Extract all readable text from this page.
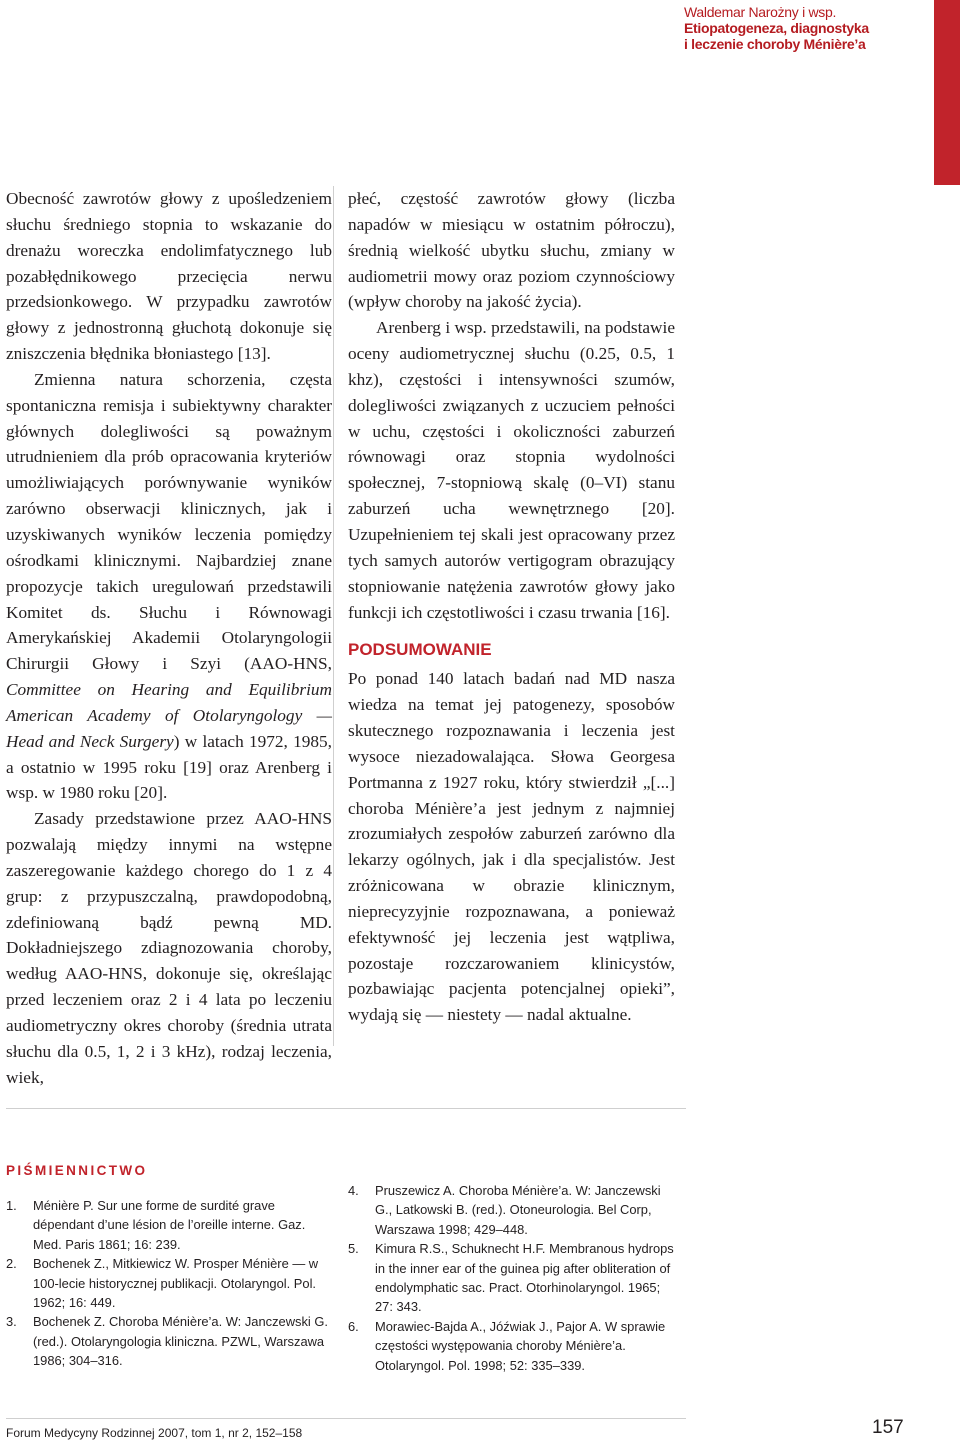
Waldemar Narożny i wsp.
Etiopatogeneza, diagnostyka
i leczenie choroby Ménière’a

Obecność zawrotów głowy z upośledzeniem słuchu średniego stopnia to wskazanie do drenażu woreczka endolimfatycznego lub pozabłędnikowego przecięcia nerwu przedsionkowego. W przypadku zawrotów głowy z jednostronną głuchotą dokonuje się zniszczenia błędnika błoniastego [13].

Zmienna natura schorzenia, częsta spontaniczna remisja i subiektywny charakter głównych dolegliwości są poważnym utrudnieniem dla prób opracowania kryteriów umożliwiających porównywanie wyników zarówno obserwacji klinicznych, jak i uzyskiwanych wyników leczenia pomiędzy ośrodkami klinicznymi. Najbardziej znane propozycje takich uregulowań przedstawili Komitet ds. Słuchu i Równowagi Amerykańskiej Akademii Otolaryngologii Chirurgii Głowy i Szyi (AAO-HNS, Committee on Hearing and Equilibrium American Academy of Otolaryngology — Head and Neck Surgery) w latach 1972, 1985, a ostatnio w 1995 roku [19] oraz Arenberg i wsp. w 1980 roku [20].

Zasady przedstawione przez AAO-HNS pozwalają między innymi na wstępne zaszeregowanie każdego chorego do 1 z 4 grup: z przypuszczalną, prawdopodobną, zdefiniowaną bądź pewną MD. Dokładniejszego zdiagnozowania choroby, według AAO-HNS, dokonuje się, określając przed leczeniem oraz 2 i 4 lata po leczeniu audiometryczny okres choroby (średnia utrata słuchu dla 0.5, 1, 2 i 3 kHz), rodzaj leczenia, wiek,

płeć, częstość zawrotów głowy (liczba napadów w miesiącu w ostatnim półroczu), średnią wielkość ubytku słuchu, zmiany w audiometrii mowy oraz poziom czynnościowy (wpływ choroby na jakość życia).

Arenberg i wsp. przedstawili, na podstawie oceny audiometrycznej słuchu (0.25, 0.5, 1 khz), częstości i intensywności szumów, dolegliwości związanych z uczuciem pełności w uchu, częstości i okoliczności zaburzeń równowagi oraz stopnia wydolności społecznej, 7-stopniową skalę (0–VI) stanu zaburzeń ucha wewnętrznego [20]. Uzupełnieniem tej skali jest opracowany przez tych samych autorów vertigogram obrazujący stopniowanie natężenia zawrotów głowy jako funkcji ich częstotliwości i czasu trwania [16].

PODSUMOWANIE

Po ponad 140 latach badań nad MD nasza wiedza na temat jej patogenezy, sposobów skutecznego rozpoznawania i leczenia jest wysoce niezadowalająca. Słowa Georgesa Portmanna z 1927 roku, który stwierdził „[...] choroba Ménière’a jest jednym z najmniej zrozumiałych zespołów zaburzeń zarówno dla lekarzy ogólnych, jak i dla specjalistów. Jest zróżnicowana w obrazie klinicznym, nieprecyzyjnie rozpoznawana, a ponieważ efektywność jej leczenia jest wątpliwa, pozostaje rozczarowaniem klinicystów, pozbawiając pacjenta potencjalnej opieki”, wydają się — niestety — nadal aktualne.

PIŚMIENNICTWO
1.	Ménière P. Sur une forme de surdité grave dépendant d’une lésion de l’oreille interne. Gaz. Med. Paris 1861; 16: 239.
2.	Bochenek Z., Mitkiewicz W. Prosper Ménière — w 100-lecie historycznej publikacji. Otolaryngol. Pol. 1962; 16: 449.
3.	Bochenek Z. Choroba Ménière’a. W: Janczewski G. (red.). Otolaryngologia kliniczna. PZWL, Warszawa 1986; 304–316.
4.	Pruszewicz A. Choroba Ménière’a. W: Janczewski G., Latkowski B. (red.). Otoneurologia. Bel Corp, Warszawa 1998; 429–448.
5.	Kimura R.S., Schuknecht H.F. Membranous hydrops in the inner ear of the guinea pig after obliteration of endolymphatic sac. Pract. Otorhinolaryngol. 1965; 27: 343.
6.	Morawiec-Bajda A., Jóźwiak J., Pajor A. W sprawie częstości występowania choroby Ménière’a. Otolaryngol. Pol. 1998; 52: 335–339.
Forum Medycyny Rodzinnej 2007, tom 1, nr 2, 152–158	157
